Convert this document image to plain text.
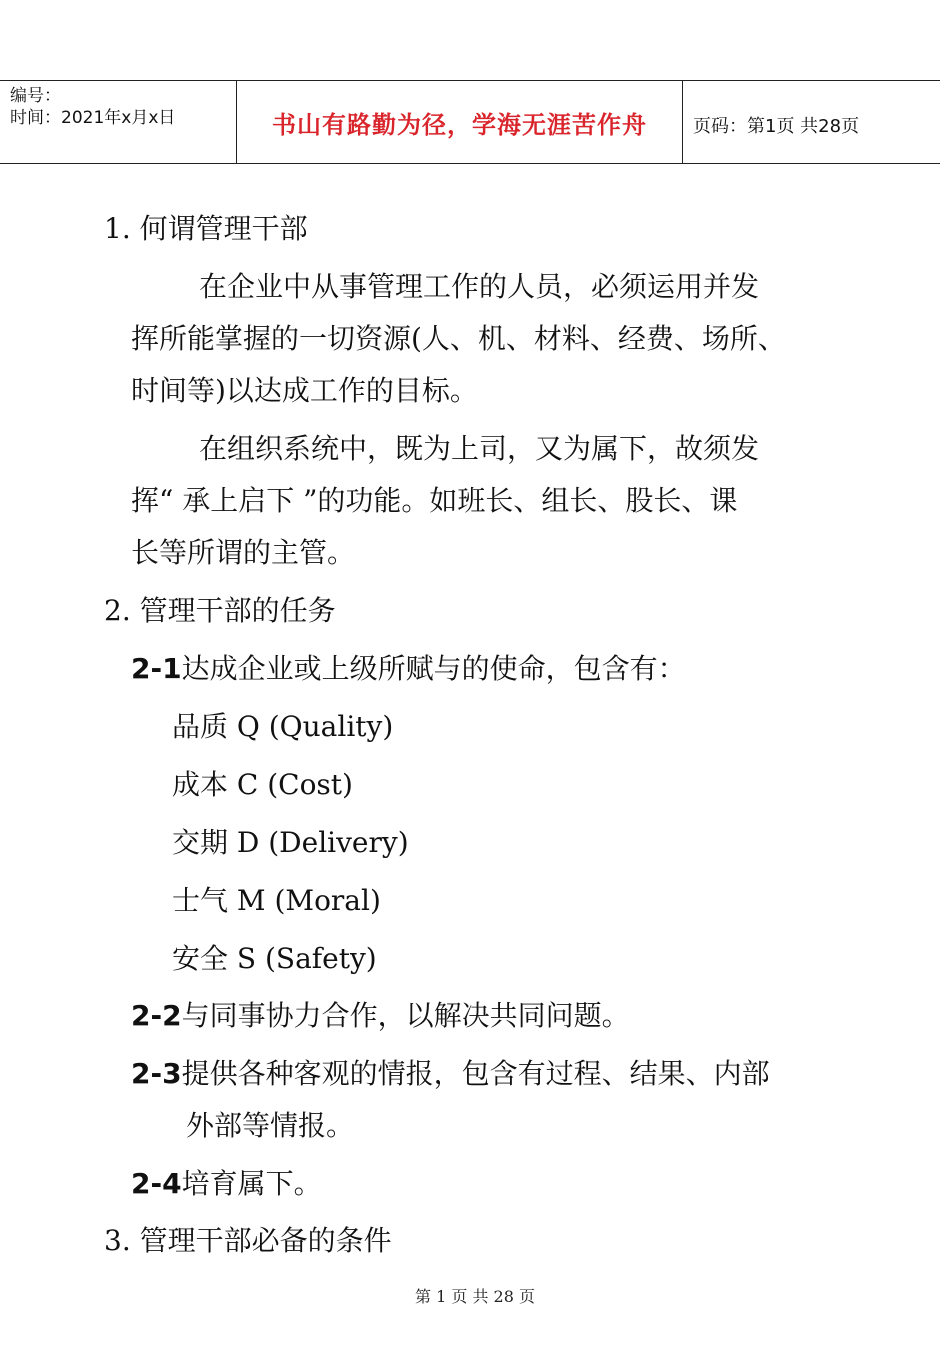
编号：
时间：2021年x月x日	书山有路勤为径，学海无涯苦作舟	页码：第1页 共28页
1. 何谓管理干部
在企业中从事管理工作的人员，必须运用并发
挥所能掌握的一切资源(人、机、材料、经费、场所、
时间等)以达成工作的目标。
在组织系统中，既为上司，又为属下，故须发
挥“ 承上启下 ”的功能。如班长、组长、股长、课
长等所谓的主管。
2. 管理干部的任务
2-1达成企业或上级所赋与的使命，包含有：
品质 Q (Quality)
成本 C (Cost)
交期 D (Delivery)
士气 M (Moral)
安全 S (Safety)
2-2与同事协力合作，以解决共同问题。
2-3提供各种客观的情报，包含有过程、结果、内部
外部等情报。
2-4培育属下。
3. 管理干部必备的条件
第 1 页 共 28 页
